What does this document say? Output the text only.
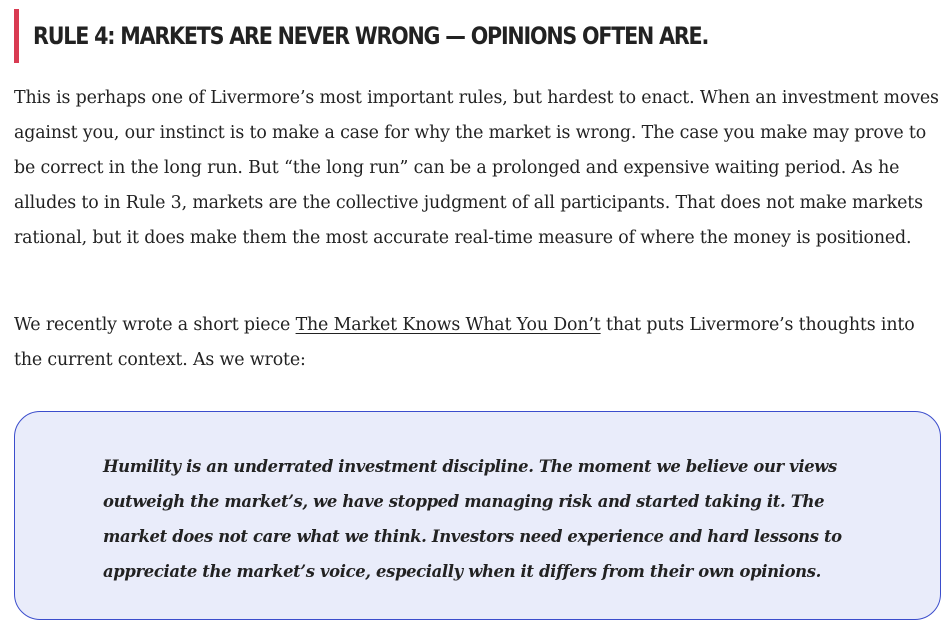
RULE 4: MARKETS ARE NEVER WRONG — OPINIONS OFTEN ARE.

This is perhaps one of Livermore’s most important rules, but hardest to enact. When an investment moves against you, our instinct is to make a case for why the market is wrong. The case you make may prove to be correct in the long run. But “the long run” can be a prolonged and expensive waiting period. As he alludes to in Rule 3, markets are the collective judgment of all participants. That does not make markets rational, but it does make them the most accurate real-time measure of where the money is positioned.

We recently wrote a short piece The Market Knows What You Don’t that puts Livermore’s thoughts into the current context. As we wrote:

Humility is an underrated investment discipline. The moment we believe our views outweigh the market’s, we have stopped managing risk and started taking it. The market does not care what we think. Investors need experience and hard lessons to appreciate the market’s voice, especially when it differs from their own opinions.
